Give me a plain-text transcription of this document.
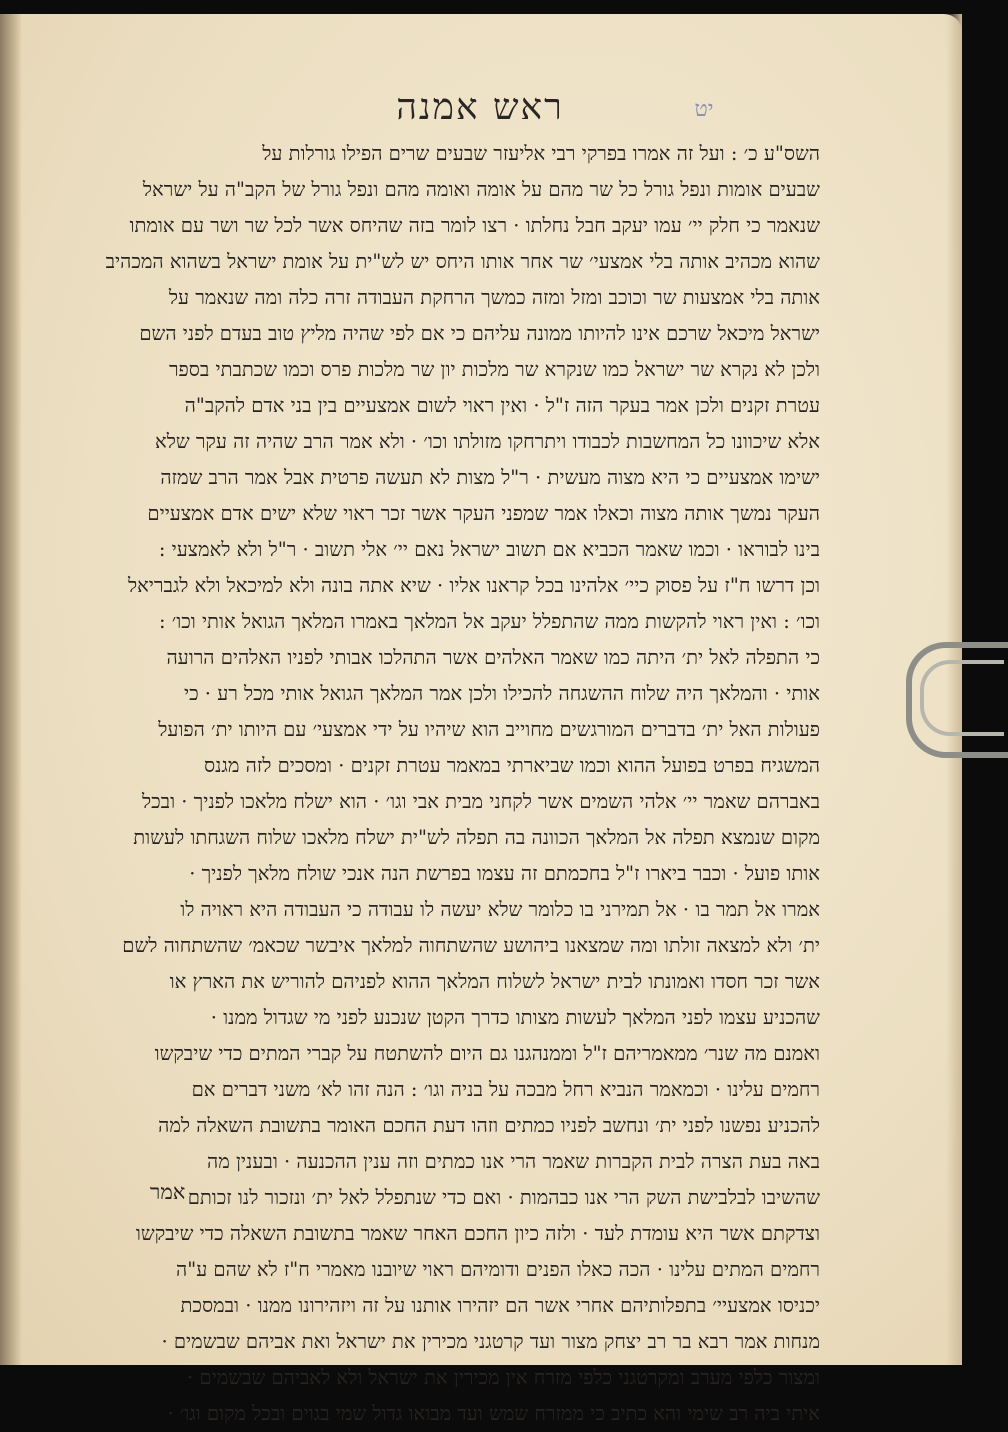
יט
ראש אמנה
השס"ע כ׳ : ועל זה אמרו בפרקי רבי אליעזר שבעים שרים הפילו גורלות על
שבעים אומות ונפל גורל כל שר מהם על אומה ואומה מהם ונפל גורל של הקב"ה על ישראל
שנאמר כי חלק יי׳ עמו יעקב חבל נחלתו · רצו לומר בזה שהיחס אשר לכל שר ושר עם אומתו
שהוא מכהיב אותה בלי אמצעי׳ שר אחר אותו היחס יש לש"ית על אומת ישראל בשהוא המכהיב
אותה בלי אמצעות שר וכוכב ומזל ומזה כמשך הרחקת העבודה זרה כלה ומה שנאמר על
ישראל מיכאל שרכם אינו להיותו ממונה עליהם כי אם לפי שהיה מליץ טוב בעדם לפני השם
ולכן לא נקרא שר ישראל כמו שנקרא שר מלכות יון שר מלכות פרס וכמו שכתבתי בספר
עטרת זקנים ולכן אמר בעקר הזה ז"ל · ואין ראוי לשום אמצעיים בין בני אדם להקב"ה
אלא שיכוונו כל המחשבות לכבודו ויתרחקו מזולתו וכו׳ · ולא אמר הרב שהיה זה עקר שלא
ישימו אמצעיים כי היא מצוה מעשית · ר"ל מצות לא תעשה פרטית אבל אמר הרב שמזה
העקר נמשך אותה מצוה וכאלו אמר שמפני העקר אשר זכר ראוי שלא ישים אדם אמצעיים
בינו לבוראו · וכמו שאמר הכביא אם תשוב ישראל נאם יי׳ אלי תשוב · ר"ל ולא לאמצעי :
וכן דרשו ח"ז על פסוק כיי׳ אלהינו בכל קראנו אליו · שיא אתה בונה ולא למיכאל ולא לגבריאל
וכו׳ : ואין ראוי להקשות ממה שהתפלל יעקב אל המלאך באמרו המלאך הגואל אותי וכו׳ :
כי התפלה לאל ית׳ היתה כמו שאמר האלהים אשר התהלכו אבותי לפניו האלהים הרועה
אותי · והמלאך היה שלוח ההשגחה להכילו ולכן אמר המלאך הגואל אותי מכל רע · כי
פעולות האל ית׳ בדברים המורגשים מחוייב הוא שיהיו על ידי אמצעי׳ עם היותו ית׳ הפועל
המשגיח בפרט בפועל ההוא וכמו שביארתי במאמר עטרת זקנים · ומסכים לזה מגנס
באברהם שאמר יי׳ אלהי השמים אשר לקחני מבית אבי וגו׳ · הוא ישלח מלאכו לפניך · ובכל
מקום שנמצא תפלה אל המלאך הכוונה בה תפלה לש"ית ישלח מלאכו שלוח השגחתו לעשות
אותו פועל · וכבר ביארו ז"ל בחכמתם זה עצמו בפרשת הנה אנכי שולח מלאך לפניך ·
אמרו אל תמר בו · אל תמירני בו כלומר שלא יעשה לו עבודה כי העבודה היא ראויה לו
ית׳ ולא למצאה זולתו ומה שמצאנו ביהושע שהשתחוה למלאך איבשר שכאמ׳ שהשתחוה לשם
אשר זכר חסדו ואמונתו לבית ישראל לשלוח המלאך ההוא לפניהם להוריש את הארץ או
שהכניע עצמו לפני המלאך לעשות מצותו כדרך הקטן שנכנע לפני מי שגדול ממנו ·
ואמנם מה שנר׳ ממאמריהם ז"ל וממנהגנו גם היום להשתטח על קברי המתים כדי שיבקשו
רחמים עלינו · וכמאמר הנביא רחל מבכה על בניה וגו׳ : הנה זהו לא׳ משני דברים אם
להכניע נפשנו לפני ית׳ ונחשב לפניו כמתים וזהו דעת החכם האומר בתשובת השאלה למה
באה בעת הצרה לבית הקברות שאמר הרי אנו כמתים וזה ענין ההכנעה · ובענין מה
שהשיבו לבלבישת השק הרי אנו כבהמות · ואם כדי שנתפלל לאל ית׳ ונזכור לנו זכותם
וצדקתם אשר היא עומדת לעד · ולזה כיון החכם האחר שאמר בתשובת השאלה כדי שיבקשו
רחמים המתים עלינו · הכה כאלו הפנים ודומיהם ראוי שיובנו מאמרי ח"ז לא שהם ע"ה
יכניסו אמצעיי׳ בתפלותיהם אחרי אשר הם יזהירו אותנו על זה ויזהירונו ממנו · ובמסכת
מנחות אמר רבא בר רב יצחק מצור ועד קרטגני מכירין את ישראל ואת אביהם שבשמים ·
ומצור כלפי מערב ומקרטגני כלפי מזרח אין מכירין את ישראל ולא לאביהם שבשמים ·
איתי ביה רב שימי והא כתיב כי ממזרח שמש ועד מבואו גדול שמי בגוים ובכל מקום וגו׳ ·
אמר
